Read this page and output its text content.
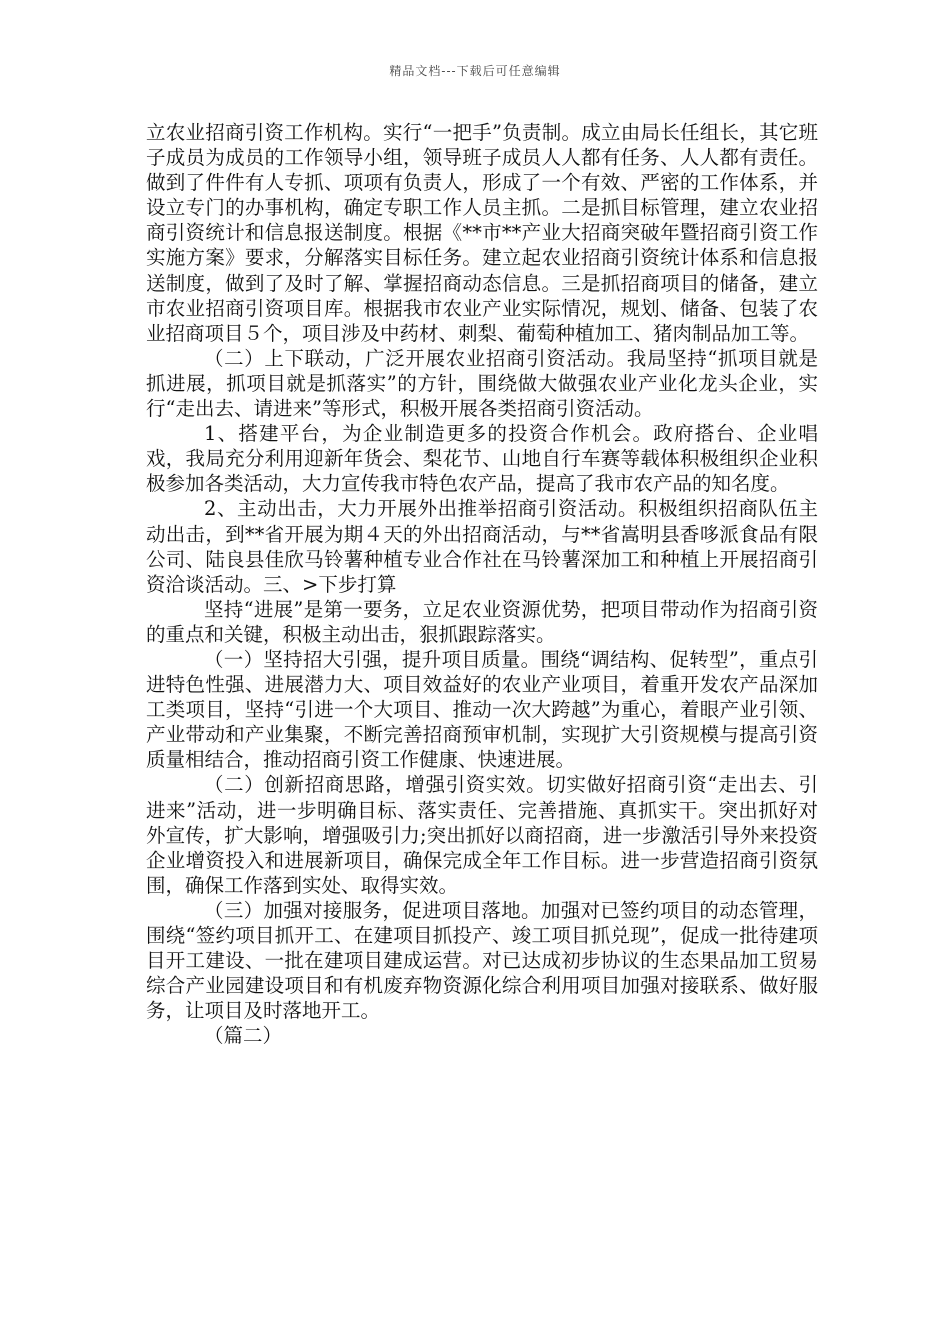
精品文档---下载后可任意编辑

立农业招商引资工作机构。实行“一把手”负责制。成立由局长任组长，其它班子成员为成员的工作领导小组，领导班子成员人人都有任务、人人都有责任。做到了件件有人专抓、项项有负责人，形成了一个有效、严密的工作体系，并设立专门的办事机构，确定专职工作人员主抓。二是抓目标管理，建立农业招商引资统计和信息报送制度。根据《**市**产业大招商突破年暨招商引资工作实施方案》要求，分解落实目标任务。建立起农业招商引资统计体系和信息报送制度，做到了及时了解、掌握招商动态信息。三是抓招商项目的储备，建立市农业招商引资项目库。根据我市农业产业实际情况，规划、储备、包装了农业招商项目５个，项目涉及中药材、刺梨、葡萄种植加工、猪肉制品加工等。

（二）上下联动，广泛开展农业招商引资活动。我局坚持“抓项目就是抓进展，抓项目就是抓落实”的方针，围绕做大做强农业产业化龙头企业，实行“走出去、请进来”等形式，积极开展各类招商引资活动。

1、搭建平台，为企业制造更多的投资合作机会。政府搭台、企业唱戏，我局充分利用迎新年货会、梨花节、山地自行车赛等载体积极组织企业积极参加各类活动，大力宣传我市特色农产品，提高了我市农产品的知名度。

2、主动出击，大力开展外出推举招商引资活动。积极组织招商队伍主动出击，到**省开展为期４天的外出招商活动，与**省嵩明县香哆派食品有限公司、陆良县佳欣马铃薯种植专业合作社在马铃薯深加工和种植上开展招商引资洽谈活动。三、>下步打算

坚持“进展”是第一要务，立足农业资源优势，把项目带动作为招商引资的重点和关键，积极主动出击，狠抓跟踪落实。

（一）坚持招大引强，提升项目质量。围绕“调结构、促转型”，重点引进特色性强、进展潜力大、项目效益好的农业产业项目，着重开发农产品深加工类项目，坚持“引进一个大项目、推动一次大跨越”为重心，着眼产业引领、产业带动和产业集聚，不断完善招商预审机制，实现扩大引资规模与提高引资质量相结合，推动招商引资工作健康、快速进展。

（二）创新招商思路，增强引资实效。切实做好招商引资“走出去、引进来”活动，进一步明确目标、落实责任、完善措施、真抓实干。突出抓好对外宣传，扩大影响，增强吸引力;突出抓好以商招商，进一步激活引导外来投资企业增资投入和进展新项目，确保完成全年工作目标。进一步营造招商引资氛围，确保工作落到实处、取得实效。

（三）加强对接服务，促进项目落地。加强对已签约项目的动态管理，围绕“签约项目抓开工、在建项目抓投产、竣工项目抓兑现”，促成一批待建项目开工建设、一批在建项目建成运营。对已达成初步协议的生态果品加工贸易综合产业园建设项目和有机废弃物资源化综合利用项目加强对接联系、做好服务，让项目及时落地开工。

（篇二）
